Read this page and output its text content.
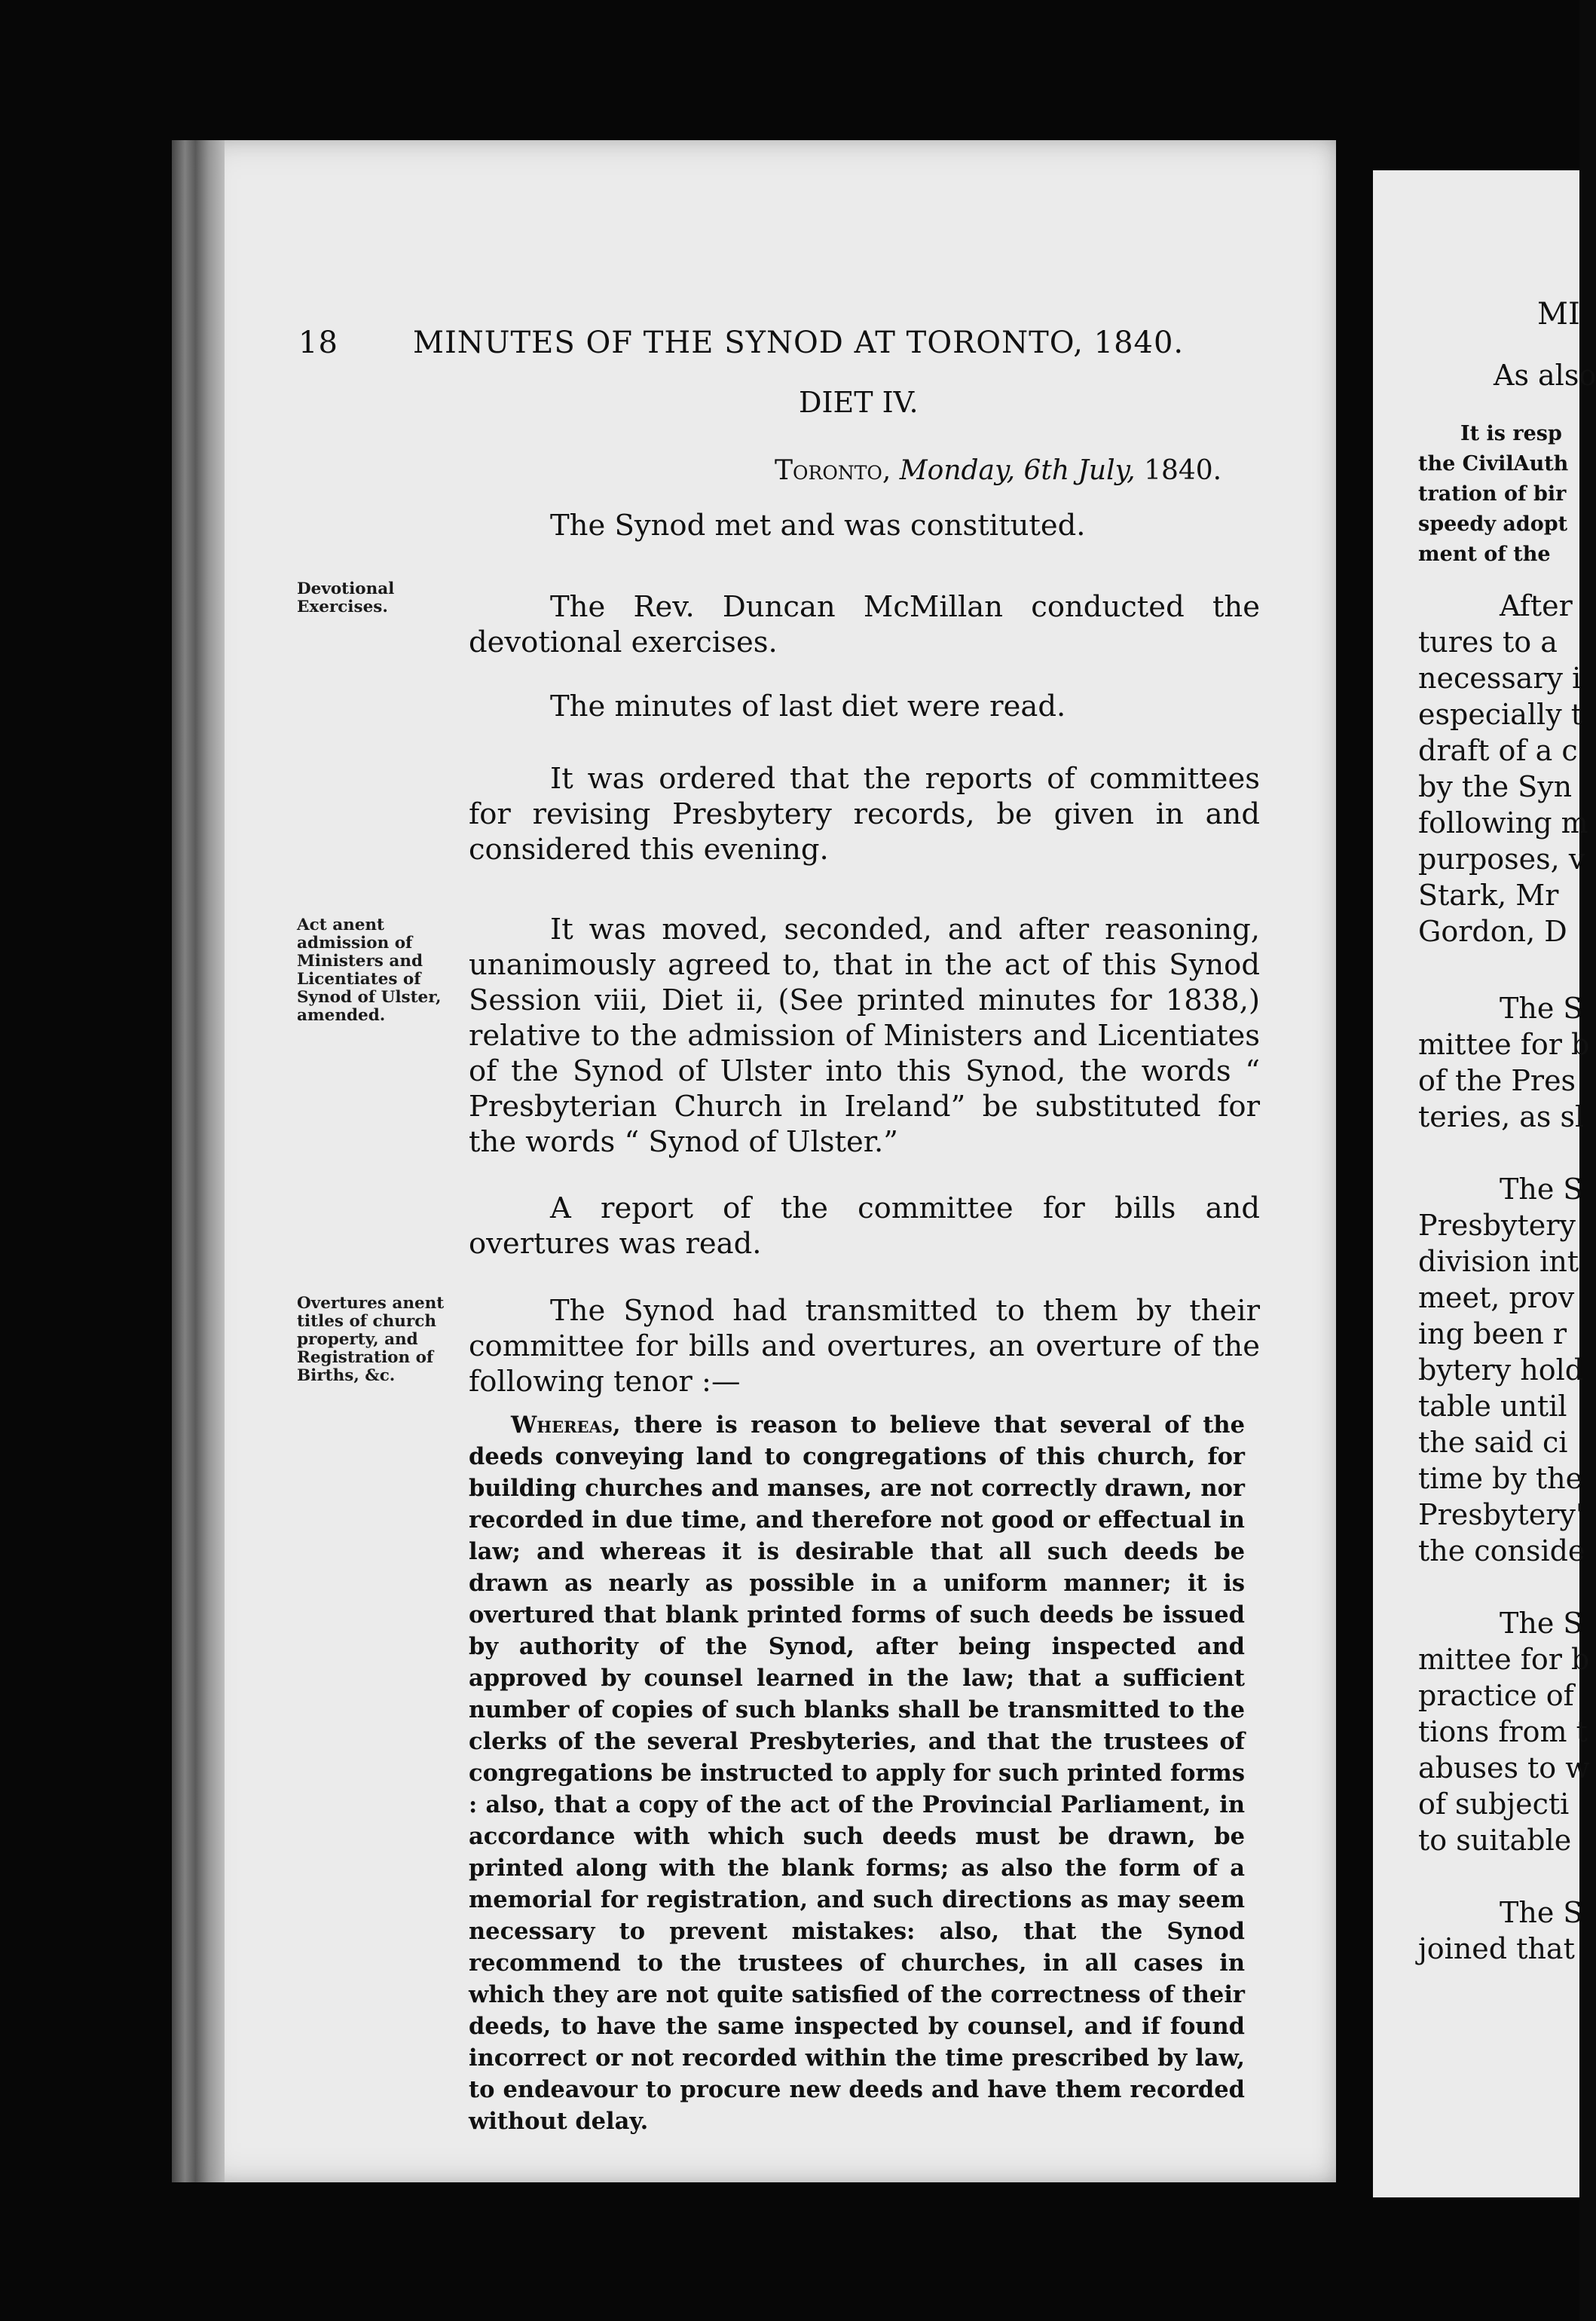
18 MINUTES OF THE SYNOD AT TORONTO, 1840.
DIET IV.
Toronto, Monday, 6th July, 1840.
The Synod met and was constituted.
The Rev. Duncan McMillan conducted the devotional exercises.
The minutes of last diet were read.
It was ordered that the reports of committees for revising Presbytery records, be given in and considered this evening.
It was moved, seconded, and after reasoning, unanimously agreed to, that in the act of this Synod Session viii, Diet ii, (See printed minutes for 1838,) relative to the admission of Ministers and Licentiates of the Synod of Ulster into this Synod, the words “ Presbyterian Church in Ireland” be substituted for the words “ Synod of Ulster.”
A report of the committee for bills and overtures was read.
The Synod had transmitted to them by their committee for bills and overtures, an overture of the following tenor :—
Devotional Exercises.
Act anent admission of Ministers and Licentiates of Synod of Ulster, amended.
Overtures anent titles of church property, and Registration of Births, &c.
Whereas, there is reason to believe that several of the deeds conveying land to congregations of this church, for building churches and manses, are not correctly drawn, nor recorded in due time, and therefore not good or effectual in law; and whereas it is desirable that all such deeds be drawn as nearly as possible in a uniform manner; it is overtured that blank printed forms of such deeds be issued by authority of the Synod, after being inspected and approved by counsel learned in the law; that a sufficient number of copies of such blanks shall be transmitted to the clerks of the several Presbyteries, and that the trustees of congregations be instructed to apply for such printed forms : also, that a copy of the act of the Provincial Parliament, in accordance with which such deeds must be drawn, be printed along with the blank forms; as also the form of a memorial for registration, and such directions as may seem necessary to prevent mistakes: also, that the Synod recommend to the trustees of churches, in all cases in which they are not quite satisfied of the correctness of their deeds, to have the same inspected by counsel, and if found incorrect or not recorded within the time prescribed by law, to endeavour to procure new deeds and have them recorded without delay.
MI
As also
It is resp
the CivilAuth
tration of bir
speedy adopt
ment of the
After
tures to a
necessary i
especially t
draft of a c
by the Syn
following m
purposes, v
Stark, Mr
Gordon, D
The S
mittee for b
of the Pres
teries, as sl
The S
Presbytery
division int
meet, prov
ing been r
bytery hold
table until
the said ci
time by the
Presbytery'
the conside
The S
mittee for b
practice of
tions from t
abuses to w
of subjecti
to suitable
The S
joined that
